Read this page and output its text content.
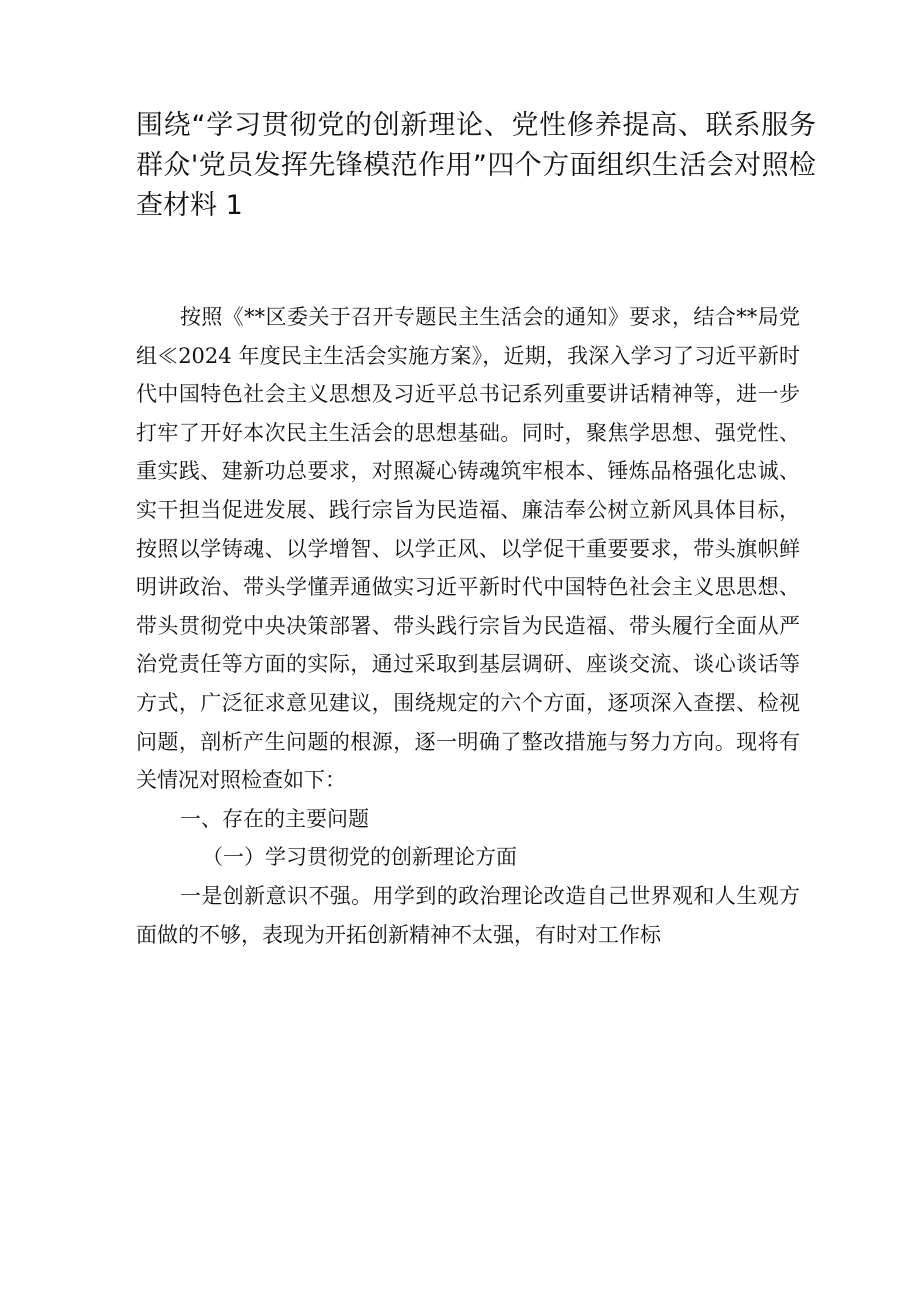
围绕“学习贯彻党的创新理论、党性修养提高、联系服务
群众'党员发挥先锋模范作用”四个方面组织生活会对照检
查材料 1

按照《**区委关于召开专题民主生活会的通知》要求，结合**局党组≪2024 年度民主生活会实施方案》，近期，我深入学习了习近平新时代中国特色社会主义思想及习近平总书记系列重要讲话精神等，进一步打牢了开好本次民主生活会的思想基础。同时，聚焦学思想、强党性、重实践、建新功总要求，对照凝心铸魂筑牢根本、锤炼品格强化忠诚、实干担当促进发展、践行宗旨为民造福、廉洁奉公树立新风具体目标，按照以学铸魂、以学增智、以学正风、以学促干重要要求，带头旗帜鲜明讲政治、带头学懂弄通做实习近平新时代中国特色社会主义思思想、带头贯彻党中央决策部署、带头践行宗旨为民造福、带头履行全面从严治党责任等方面的实际，通过采取到基层调研、座谈交流、谈心谈话等方式，广泛征求意见建议，围绕规定的六个方面，逐项深入查摆、检视问题，剖析产生问题的根源，逐一明确了整改措施与努力方向。现将有关情况对照检查如下：

一、存在的主要问题

（一）学习贯彻党的创新理论方面

一是创新意识不强。用学到的政治理论改造自己世界观和人生观方面做的不够，表现为开拓创新精神不太强，有时对工作标
